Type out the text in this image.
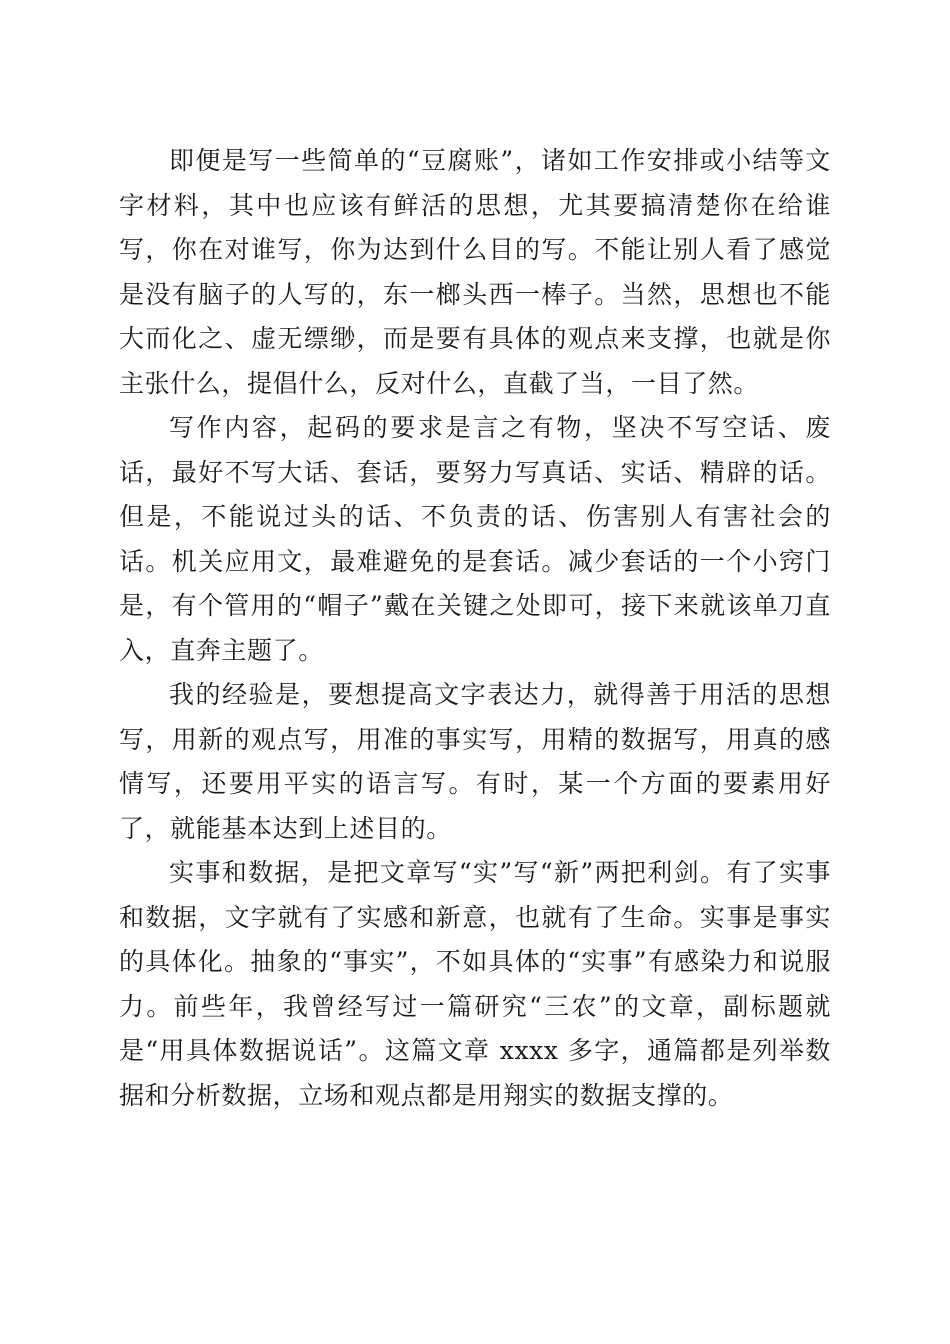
即便是写一些简单的“豆腐账”，诸如工作安排或小结等文字材料，其中也应该有鲜活的思想，尤其要搞清楚你在给谁写，你在对谁写，你为达到什么目的写。不能让别人看了感觉是没有脑子的人写的，东一榔头西一棒子。当然，思想也不能大而化之、虚无缥缈，而是要有具体的观点来支撑，也就是你主张什么，提倡什么，反对什么，直截了当，一目了然。

写作内容，起码的要求是言之有物，坚决不写空话、废话，最好不写大话、套话，要努力写真话、实话、精辟的话。但是，不能说过头的话、不负责的话、伤害别人有害社会的话。机关应用文，最难避免的是套话。减少套话的一个小窍门是，有个管用的“帽子”戴在关键之处即可，接下来就该单刀直入，直奔主题了。

我的经验是，要想提高文字表达力，就得善于用活的思想写，用新的观点写，用准的事实写，用精的数据写，用真的感情写，还要用平实的语言写。有时，某一个方面的要素用好了，就能基本达到上述目的。

实事和数据，是把文章写“实”写“新”两把利剑。有了实事和数据，文字就有了实感和新意，也就有了生命。实事是事实的具体化。抽象的“事实”，不如具体的“实事”有感染力和说服力。前些年，我曾经写过一篇研究“三农”的文章，副标题就是“用具体数据说话”。这篇文章 xxxx 多字，通篇都是列举数据和分析数据，立场和观点都是用翔实的数据支撑的。
